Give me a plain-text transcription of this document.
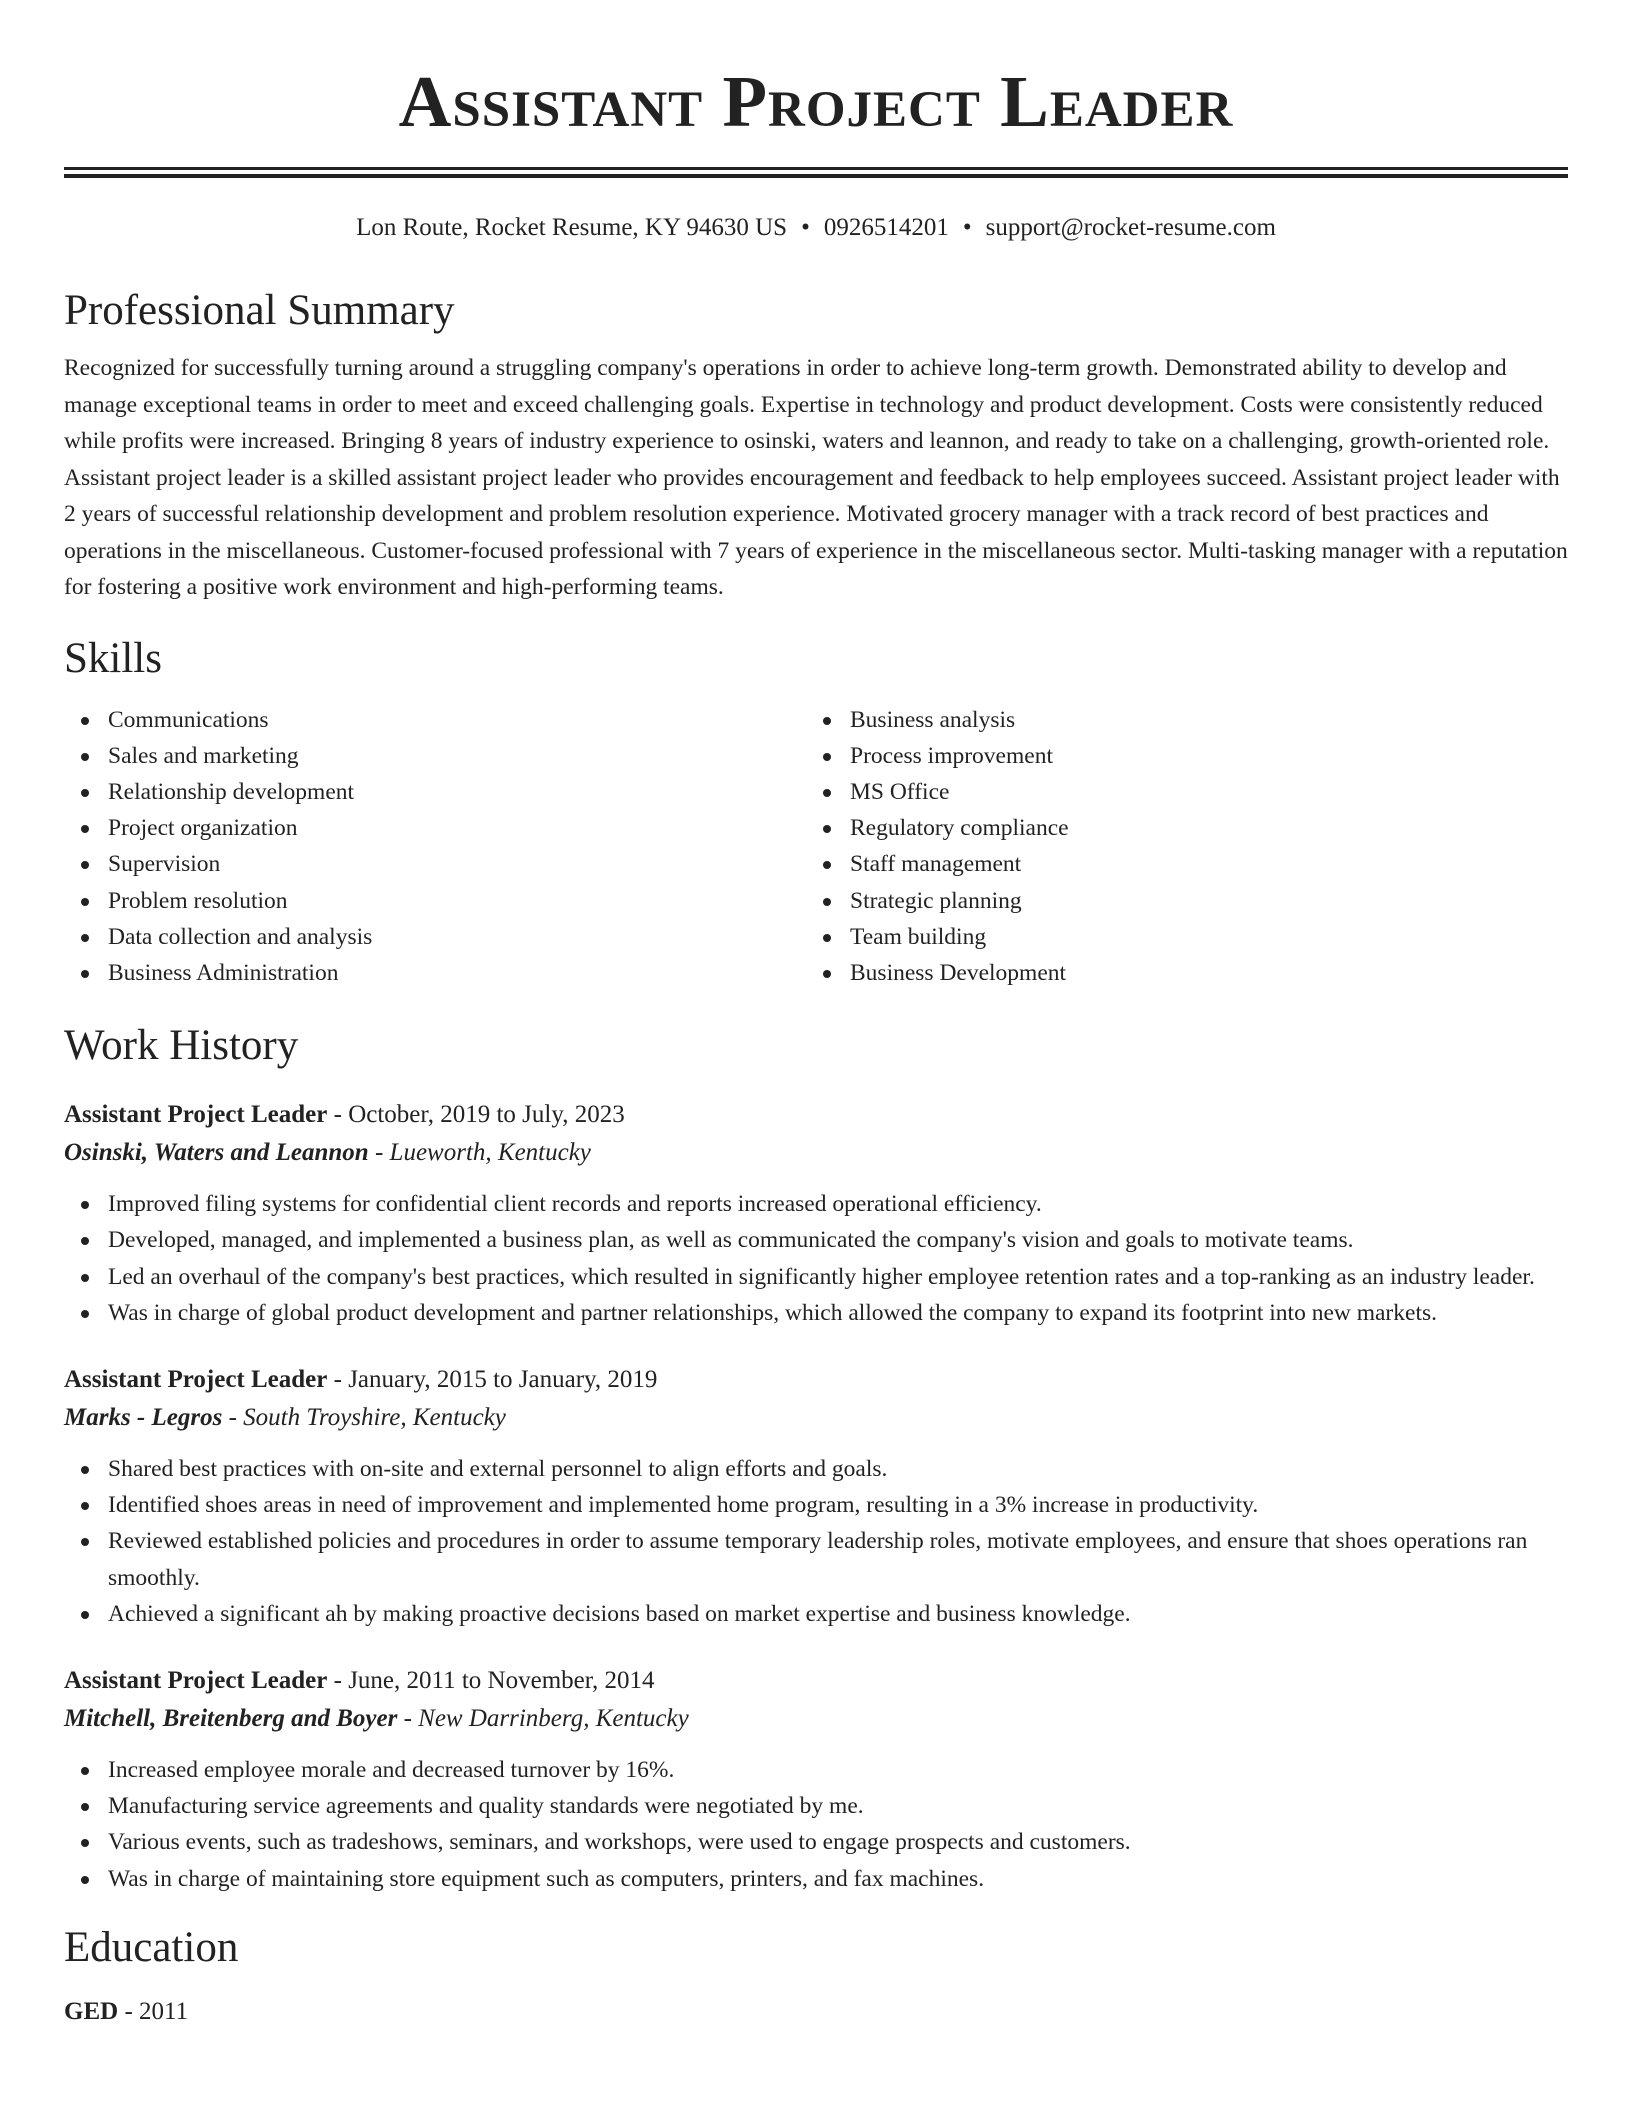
Assistant Project Leader
Lon Route, Rocket Resume, KY 94630 US • 0926514201 • support@rocket-resume.com
Professional Summary

Recognized for successfully turning around a struggling company's operations in order to achieve long-term growth. Demonstrated ability to develop and manage exceptional teams in order to meet and exceed challenging goals. Expertise in technology and product development. Costs were consistently reduced while profits were increased. Bringing 8 years of industry experience to osinski, waters and leannon, and ready to take on a challenging, growth-oriented role. Assistant project leader is a skilled assistant project leader who provides encouragement and feedback to help employees succeed. Assistant project leader with 2 years of successful relationship development and problem resolution experience. Motivated grocery manager with a track record of best practices and operations in the miscellaneous. Customer-focused professional with 7 years of experience in the miscellaneous sector. Multi-tasking manager with a reputation for fostering a positive work environment and high-performing teams.

Skills
Communications
Sales and marketing
Relationship development
Project organization
Supervision
Problem resolution
Data collection and analysis
Business Administration
Business analysis
Process improvement
MS Office
Regulatory compliance
Staff management
Strategic planning
Team building
Business Development
Work History
Assistant Project Leader - October, 2019 to July, 2023
Osinski, Waters and Leannon - Lueworth, Kentucky
Improved filing systems for confidential client records and reports increased operational efficiency.
Developed, managed, and implemented a business plan, as well as communicated the company's vision and goals to motivate teams.
Led an overhaul of the company's best practices, which resulted in significantly higher employee retention rates and a top-ranking as an industry leader.
Was in charge of global product development and partner relationships, which allowed the company to expand its footprint into new markets.
Assistant Project Leader - January, 2015 to January, 2019
Marks - Legros - South Troyshire, Kentucky
Shared best practices with on-site and external personnel to align efforts and goals.
Identified shoes areas in need of improvement and implemented home program, resulting in a 3% increase in productivity.
Reviewed established policies and procedures in order to assume temporary leadership roles, motivate employees, and ensure that shoes operations ran smoothly.
Achieved a significant ah by making proactive decisions based on market expertise and business knowledge.
Assistant Project Leader - June, 2011 to November, 2014
Mitchell, Breitenberg and Boyer - New Darrinberg, Kentucky
Increased employee morale and decreased turnover by 16%.
Manufacturing service agreements and quality standards were negotiated by me.
Various events, such as tradeshows, seminars, and workshops, were used to engage prospects and customers.
Was in charge of maintaining store equipment such as computers, printers, and fax machines.
Education
GED - 2011
